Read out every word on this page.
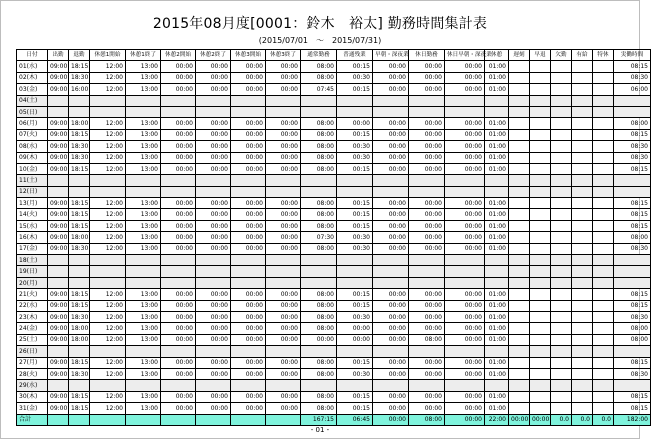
2015年08月度[0001：鈴木　裕太] 勤務時間集計表
(2015/07/01　～　2015/07/31)
日付	出勤	退勤	休憩1開始	休憩1終了	休憩2開始	休憩2終了	休憩3開始	休憩3終了	通常勤務	普通残業	早朝・深夜業	休日勤務	休日早朝・深夜業	休憩	遅刻	早退	欠勤	有給	特休	実働時間
01(水)	09:00	18:15	12:00	13:00	00:00	00:00	00:00	00:00	08:00	00:15	00:00	00:00	00:00	01:00						08:15
02(木)	09:00	18:30	12:00	13:00	00:00	00:00	00:00	00:00	08:00	00:30	00:00	00:00	00:00	01:00						08:30
03(金)	09:00	16:00	12:00	13:00	00:00	00:00	00:00	00:00	07:45	00:15	00:00	00:00	00:00	01:00						06:00
04(土)																				
05(日)																				
06(月)	09:00	18:00	12:00	13:00	00:00	00:00	00:00	00:00	08:00	00:00	00:00	00:00	00:00	01:00						08:00
07(火)	09:00	18:15	12:00	13:00	00:00	00:00	00:00	00:00	08:00	00:15	00:00	00:00	00:00	01:00						08:15
08(水)	09:00	18:30	12:00	13:00	00:00	00:00	00:00	00:00	08:00	00:30	00:00	00:00	00:00	01:00						08:30
09(木)	09:00	18:30	12:00	13:00	00:00	00:00	00:00	00:00	08:00	00:30	00:00	00:00	00:00	01:00						08:30
10(金)	09:00	18:15	12:00	13:00	00:00	00:00	00:00	00:00	08:00	00:15	00:00	00:00	00:00	01:00						08:15
11(土)																				
12(日)																				
13(月)	09:00	18:15	12:00	13:00	00:00	00:00	00:00	00:00	08:00	00:15	00:00	00:00	00:00	01:00						08:15
14(火)	09:00	18:15	12:00	13:00	00:00	00:00	00:00	00:00	08:00	00:15	00:00	00:00	00:00	01:00						08:15
15(水)	09:00	18:15	12:00	13:00	00:00	00:00	00:00	00:00	08:00	00:15	00:00	00:00	00:00	01:00						08:15
16(木)	09:00	18:00	12:00	13:00	00:00	00:00	00:00	00:00	07:30	00:30	00:00	00:00	00:00	01:00						08:00
17(金)	09:00	18:30	12:00	13:00	00:00	00:00	00:00	00:00	08:00	00:30	00:00	00:00	00:00	01:00						08:30
18(土)																				
19(日)																				
20(月)																				
21(火)	09:00	18:15	12:00	13:00	00:00	00:00	00:00	00:00	08:00	00:15	00:00	00:00	00:00	01:00						08:15
22(水)	09:00	18:15	12:00	13:00	00:00	00:00	00:00	00:00	08:00	00:15	00:00	00:00	00:00	01:00						08:15
23(木)	09:00	18:30	12:00	13:00	00:00	00:00	00:00	00:00	08:00	00:30	00:00	00:00	00:00	01:00						08:30
24(金)	09:00	18:00	12:00	13:00	00:00	00:00	00:00	00:00	08:00	00:00	00:00	00:00	00:00	01:00						08:00
25(土)	09:00	18:00	12:00	13:00	00:00	00:00	00:00	00:00	00:00	00:00	00:00	08:00	00:00	01:00						08:00
26(日)																				
27(月)	09:00	18:15	12:00	13:00	00:00	00:00	00:00	00:00	08:00	00:15	00:00	00:00	00:00	01:00						08:15
28(火)	09:00	18:30	12:00	13:00	00:00	00:00	00:00	00:00	08:00	00:30	00:00	00:00	00:00	01:00						08:30
29(水)																				
30(木)	09:00	18:15	12:00	13:00	00:00	00:00	00:00	00:00	08:00	00:15	00:00	00:00	00:00	01:00						08:15
31(金)	09:00	18:15	12:00	13:00	00:00	00:00	00:00	00:00	08:00	00:15	00:00	00:00	00:00	01:00						08:15
合計									167:15	06:45	00:00	08:00	00:00	22:00	00:00	00:00	0.0	0.0	0.0	182:00
- 01 -
